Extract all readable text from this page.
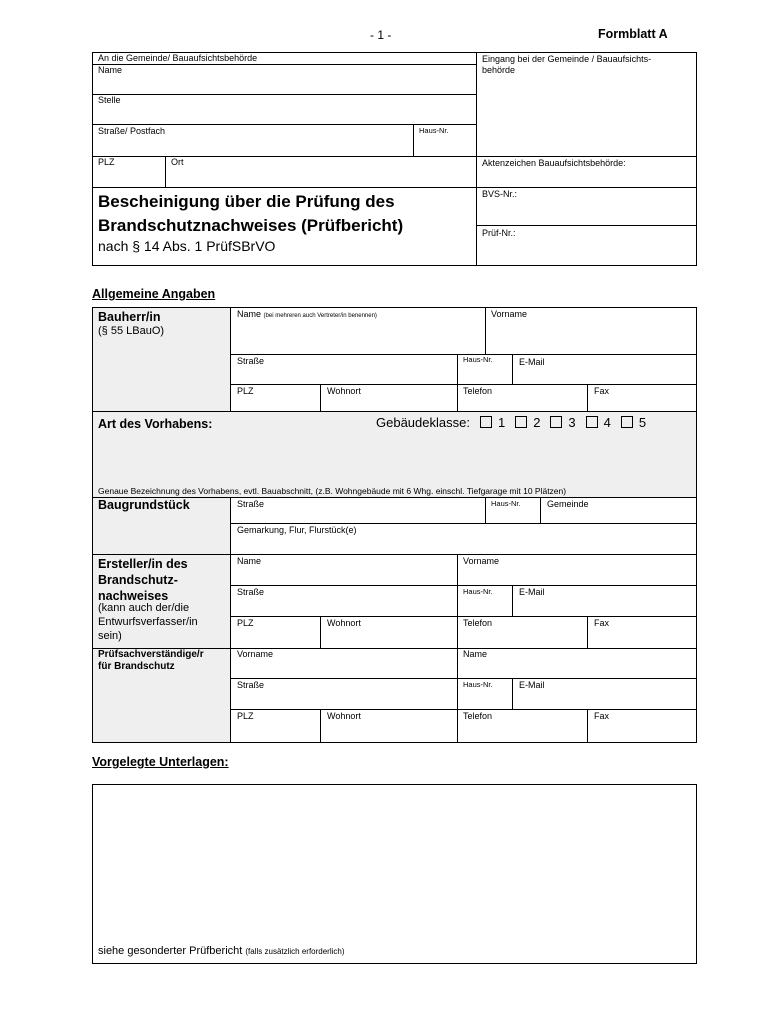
- 1 -	Formblatt A
An die Gemeinde/ Bauaufsichtsbehörde
Name
Stelle
Straße/ Postfach	Haus-Nr.
PLZ	Ort
Eingang bei der Gemeinde / Bauaufsichts-
behörde
Aktenzeichen Bauaufsichtsbehörde:
BVS-Nr.:
Prüf-Nr.:
Bescheinigung über die Prüfung des
Brandschutznachweises (Prüfbericht)
nach § 14 Abs. 1 PrüfSBrVO
Allgemeine Angaben
Bauherr/in
(§ 55 LBauO)
Name (bei mehreren auch Vertreter/in benennen)	Vorname
Straße	Haus-Nr.	E-Mail
PLZ	Wohnort	Telefon	Fax
Art des Vorhabens:	Gebäudeklasse: 1 2 3 4 5
Genaue Bezeichnung des Vorhabens, evtl. Bauabschnitt, (z.B. Wohngebäude mit 6 Whg. einschl. Tiefgarage mit 10 Plätzen)
Baugrundstück	Straße	Haus-Nr.	Gemeinde
Gemarkung, Flur, Flurstück(e)
Ersteller/in des
Brandschutz-
nachweises
(kann auch der/die
Entwurfsverfasser/in
sein)
Name	Vorname
Straße	Haus-Nr.	E-Mail
PLZ	Wohnort	Telefon	Fax
Prüfsachverständige/r
für Brandschutz
Vorname	Name
Straße	Haus-Nr.	E-Mail
PLZ	Wohnort	Telefon	Fax
Vorgelegte Unterlagen:
siehe gesonderter Prüfbericht (falls zusätzlich erforderlich)
